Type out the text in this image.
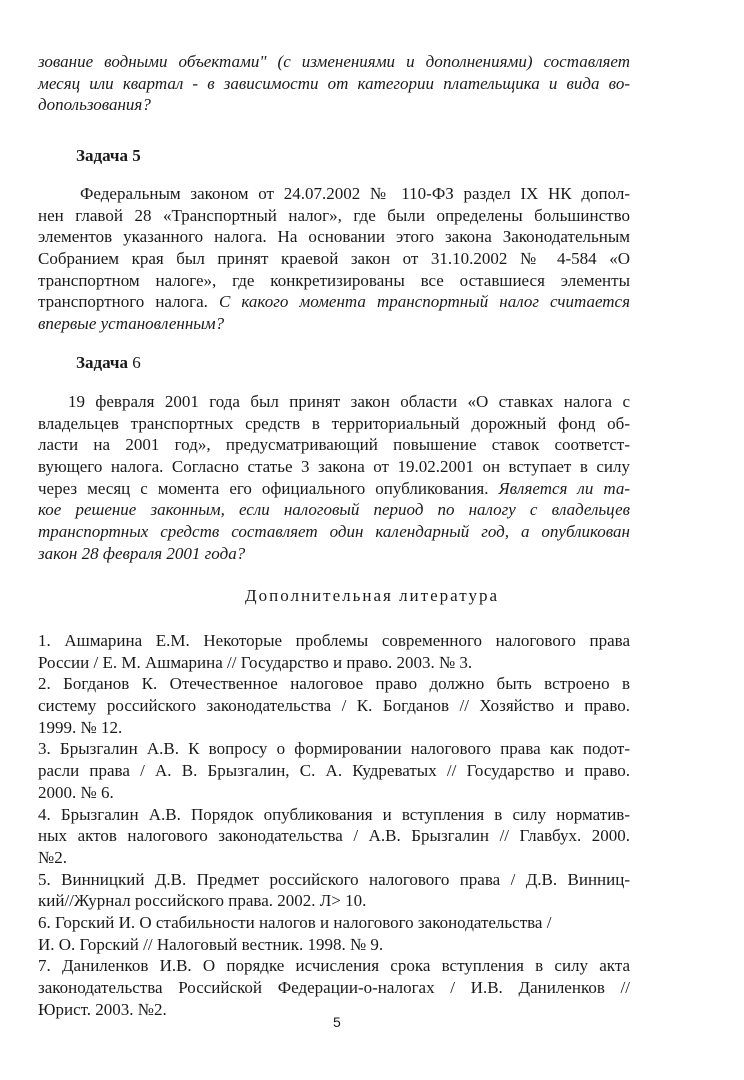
зование водными объектами" (с изменениями и дополнениями) составляет
месяц или квартал - в зависимости от категории плательщика и вида во-
допользования?
Задача 5
Федеральным законом от 24.07.2002 № 110-ФЗ раздел IX НК допол-
нен главой 28 «Транспортный налог», где были определены большинство
элементов указанного налога. На основании этого закона Законодательным
Собранием края был принят краевой закон от 31.10.2002 № 4-584 «О
транспортном налоге», где конкретизированы все оставшиеся элементы
транспортного налога. С какого момента транспортный налог считается
впервые установленным?
Задача 6
19 февраля 2001 года был принят закон области «О ставках налога с
владельцев транспортных средств в территориальный дорожный фонд об-
ласти на 2001 год», предусматривающий повышение ставок соответст-
вующего налога. Согласно статье 3 закона от 19.02.2001 он вступает в силу
через месяц с момента его официального опубликования. Является ли та-
кое решение законным, если налоговый период по налогу с владельцев
транспортных средств составляет один календарный год, а опубликован
закон 28 февраля 2001 года?
Дополнительная литература
1. Ашмарина Е.М. Некоторые проблемы современного налогового права
России / Е. М. Ашмарина // Государство и право. 2003. № 3.
2. Богданов К. Отечественное налоговое право должно быть встроено в
систему российского законодательства / К. Богданов // Хозяйство и право.
1999. № 12.
3. Брызгалин А.В. К вопросу о формировании налогового права как подот-
расли права / А. В. Брызгалин, С. А. Кудреватых // Государство и право.
2000. № 6.
4. Брызгалин А.В. Порядок опубликования и вступления в силу норматив-
ных актов налогового законодательства / А.В. Брызгалин // Главбух. 2000.
№2.
5. Винницкий Д.В. Предмет российского налогового права / Д.В. Винниц-
кий//Журнал российского права. 2002. Л> 10.
6. Горский И. О стабильности налогов и налогового законодательства /
И. О. Горский // Налоговый вестник. 1998. № 9.
7. Даниленков И.В. О порядке исчисления срока вступления в силу акта
законодательства Российской Федерации-о-налогах / И.В. Даниленков //
Юрист. 2003. №2.
5
